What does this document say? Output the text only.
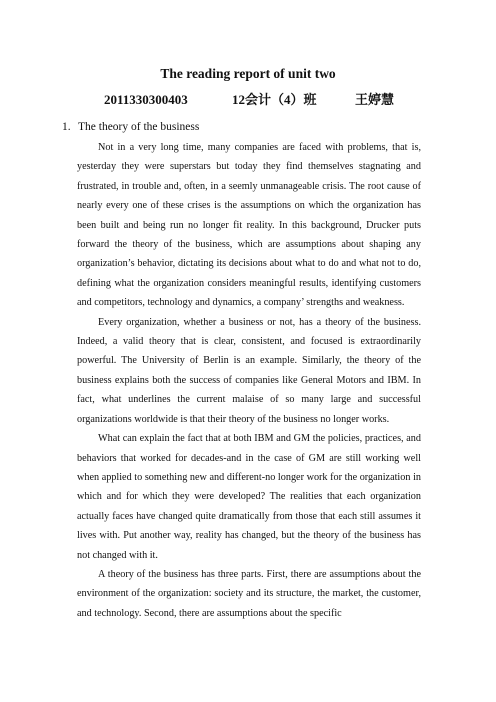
The reading report of unit two
2011330300403	12会计（4）班	王婷慧
1. The theory of the business

Not in a very long time, many companies are faced with problems, that is, yesterday they were superstars but today they find themselves stagnating and frustrated, in trouble and, often, in a seemly unmanageable crisis. The root cause of nearly every one of these crises is the assumptions on which the organization has been built and being run no longer fit reality. In this background, Drucker puts forward the theory of the business, which are assumptions about shaping any organization’s behavior, dictating its decisions about what to do and what not to do, defining what the organization considers meaningful results, identifying customers and competitors, technology and dynamics, a company’ strengths and weakness.

Every organization, whether a business or not, has a theory of the business. Indeed, a valid theory that is clear, consistent, and focused is extraordinarily powerful. The University of Berlin is an example. Similarly, the theory of the business explains both the success of companies like General Motors and IBM. In fact, what underlines the current malaise of so many large and successful organizations worldwide is that their theory of the business no longer works.

What can explain the fact that at both IBM and GM the policies, practices, and behaviors that worked for decades-and in the case of GM are still working well when applied to something new and different-no longer work for the organization in which and for which they were developed? The realities that each organization actually faces have changed quite dramatically from those that each still assumes it lives with. Put another way, reality has changed, but the theory of the business has not changed with it.

A theory of the business has three parts. First, there are assumptions about the environment of the organization: society and its structure, the market, the customer, and technology. Second, there are assumptions about the specific
